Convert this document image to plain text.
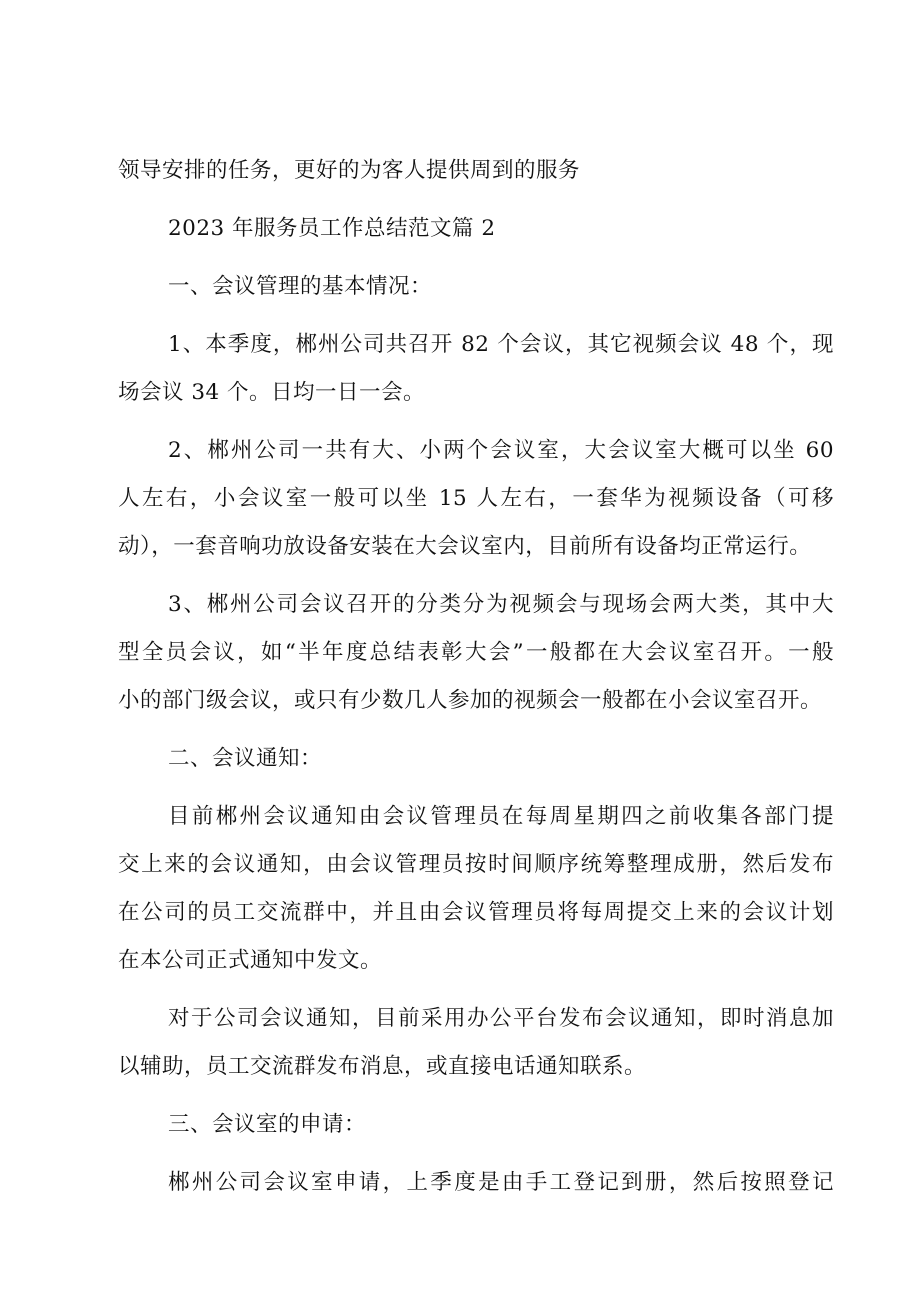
领导安排的任务，更好的为客人提供周到的服务
2023 年服务员工作总结范文篇 2
一、会议管理的基本情况：
1、本季度，郴州公司共召开 82 个会议，其它视频会议 48 个，现
场会议 34 个。日均一日一会。
2、郴州公司一共有大、小两个会议室，大会议室大概可以坐 60
人左右，小会议室一般可以坐 15 人左右，一套华为视频设备（可移
动），一套音响功放设备安装在大会议室内，目前所有设备均正常运行。
3、郴州公司会议召开的分类分为视频会与现场会两大类，其中大
型全员会议，如“半年度总结表彰大会”一般都在大会议室召开。一般
小的部门级会议，或只有少数几人参加的视频会一般都在小会议室召开。
二、会议通知：
目前郴州会议通知由会议管理员在每周星期四之前收集各部门提
交上来的会议通知，由会议管理员按时间顺序统筹整理成册，然后发布
在公司的员工交流群中，并且由会议管理员将每周提交上来的会议计划
在本公司正式通知中发文。
对于公司会议通知，目前采用办公平台发布会议通知，即时消息加
以辅助，员工交流群发布消息，或直接电话通知联系。
三、会议室的申请：
郴州公司会议室申请，上季度是由手工登记到册，然后按照登记
